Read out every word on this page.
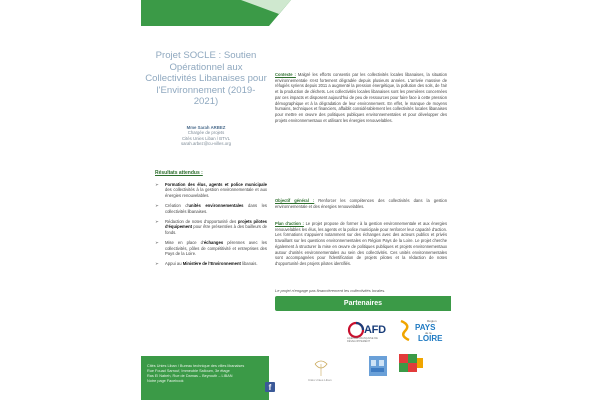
Projet SOCLE : Soutien Opérationnel aux Collectivités Libanaises pour l'Environnement (2019-2021)
Mme Sarah ARBEZ
Chargée de projets
Cités Unies Liban / BTVL
sarah.arbez@cu-villes.org
Résultats attendus :
➢ Formation des élus, agents et police municipale des collectivités à la gestion environnementale et aux énergies renouvelables.
➢ Création d'unités environnementales dans les collectivités libanaises.
➢ Rédaction de notes d'opportunité des projets pilotes d'équipement pour être présentées à des bailleurs de fonds.
➢ Mise en place d'échanges pérennes avec les collectivités, pôles de compétitivité et entreprises des Pays de la Loire.
➢ Appui au Ministère de l'Environnement libanais.
Cités Unies Liban / Bureau technique des villes libanaises
Rue Fouad Sarrouf, Immeuble Salloum, 3e étage
Ras El Nabeh, Rue de Damas – Beyrouth – LIBAN
Notre page Facebook
f
Contexte : Malgré les efforts consentis par les collectivités locales libanaises, la situation environnementale s'est fortement dégradée depuis plusieurs années. L'arrivée massive de réfugiés syriens depuis 2011 a augmenté la pression énergétique, la pollution des sols, de l'air et la production de déchets. Les collectivités locales libanaises sont les premières concernées par ces impacts et disposent aujourd'hui de peu de ressources pour faire face à cette pression démographique et à la dégradation de leur environnement. En effet, le manque de moyens humains, techniques et financiers, affaiblit considérablement les collectivités locales libanaises pour mettre en œuvre des politiques publiques environnementales et pour développer des projets environnementaux et utilisant les énergies renouvelables.
Objectif général : Renforcer les compétences des collectivités dans la gestion environnementale et des énergies renouvelables.
Plan d'action : Le projet propose de former à la gestion environnementale et aux énergies renouvelables les élus, les agents et la police municipale pour renforcer leur capacité d'action. Les formations s'appuient notamment sur des échanges avec des acteurs publics et privés travaillant sur les questions environnementales en Région Pays de la Loire. Le projet cherche également à structurer la mise en œuvre de politiques publiques et projets environnementaux autour d'unités environnementales au sein des collectivités. Ces unités environnementales sont accompagnées pour l'identification de projets pilotes et la rédaction de notes d'opportunité des projets pilotes identifiés.
Le projet n'engage pas financièrement les collectivités locales.
Partenaires
AFD
AGENCE FRANÇAISE DE DÉVELOPPEMENT
Région
PAYS
de la
LOIRE
Cités Unies Liban
